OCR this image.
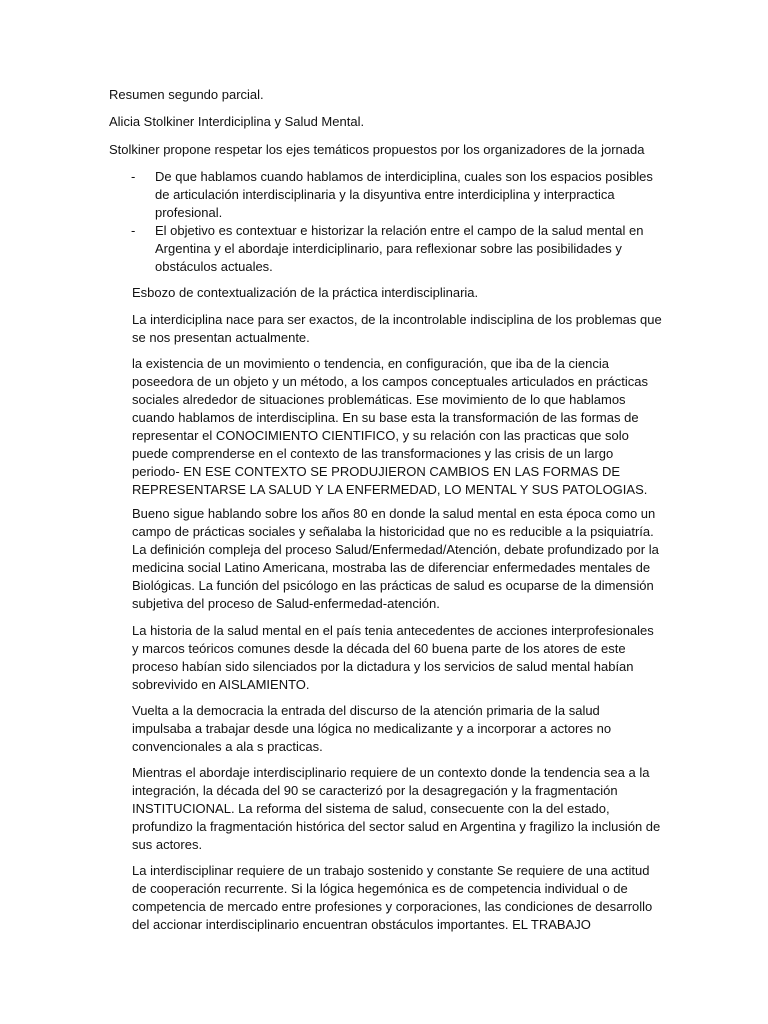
Resumen segundo parcial.
Alicia Stolkiner Interdiciplina y Salud Mental.
Stolkiner propone respetar los ejes temáticos propuestos por los organizadores de la jornada
- De que hablamos cuando hablamos de interdiciplina, cuales son los espacios posibles de articulación interdisciplinaria y la disyuntiva entre interdiciplina y interpractica profesional.
- El objetivo es contextuar e historizar la relación entre el campo de la salud mental en Argentina y el abordaje interdiciplinario, para reflexionar sobre las posibilidades y obstáculos actuales.
Esbozo de contextualización de la práctica interdisciplinaria.
La interdiciplina nace para ser exactos, de la incontrolable indisciplina de los problemas que se nos presentan actualmente.
la existencia de un movimiento o tendencia, en configuración, que iba de la ciencia poseedora de un objeto y un método, a los campos conceptuales articulados en prácticas sociales alrededor de situaciones problemáticas. Ese movimiento de lo que hablamos cuando hablamos de interdisciplina. En su base esta la transformación de las formas de representar el CONOCIMIENTO CIENTIFICO, y su relación con las practicas que solo puede comprenderse en el contexto de las transformaciones y las crisis de un largo periodo- EN ESE CONTEXTO SE PRODUJIERON CAMBIOS EN LAS FORMAS DE REPRESENTARSE LA SALUD Y LA ENFERMEDAD, LO MENTAL Y SUS PATOLOGIAS.
Bueno sigue hablando sobre los años 80 en donde la salud mental en esta época como un campo de prácticas sociales y señalaba la historicidad que no es reducible a la psiquiatría. La definición compleja del proceso Salud/Enfermedad/Atención, debate profundizado por la medicina social Latino Americana, mostraba las de diferenciar enfermedades mentales de Biológicas. La función del psicólogo en las prácticas de salud es ocuparse de la dimensión subjetiva del proceso de Salud-enfermedad-atención.
La historia de la salud mental en el país tenia antecedentes de acciones interprofesionales y marcos teóricos comunes desde la década del 60 buena parte de los atores de este proceso habían sido silenciados por la dictadura y los servicios de salud mental habían sobrevivido en AISLAMIENTO.
Vuelta a la democracia la entrada del discurso de la atención primaria de la salud impulsaba a trabajar desde una lógica no medicalizante y a incorporar a actores no convencionales a ala s practicas.
Mientras el abordaje interdisciplinario requiere de un contexto donde la tendencia sea a la integración, la década del 90 se caracterizó por la desagregación y la fragmentación INSTITUCIONAL. La reforma del sistema de salud, consecuente con la del estado, profundizo la fragmentación histórica del sector salud en Argentina y fragilizo la inclusión de sus actores.
La interdisciplinar requiere de un trabajo sostenido y constante Se requiere de una actitud de cooperación recurrente. Si la lógica hegemónica es de competencia individual o de competencia de mercado entre profesiones y corporaciones, las condiciones de desarrollo del accionar interdisciplinario encuentran obstáculos importantes. EL TRABAJO
